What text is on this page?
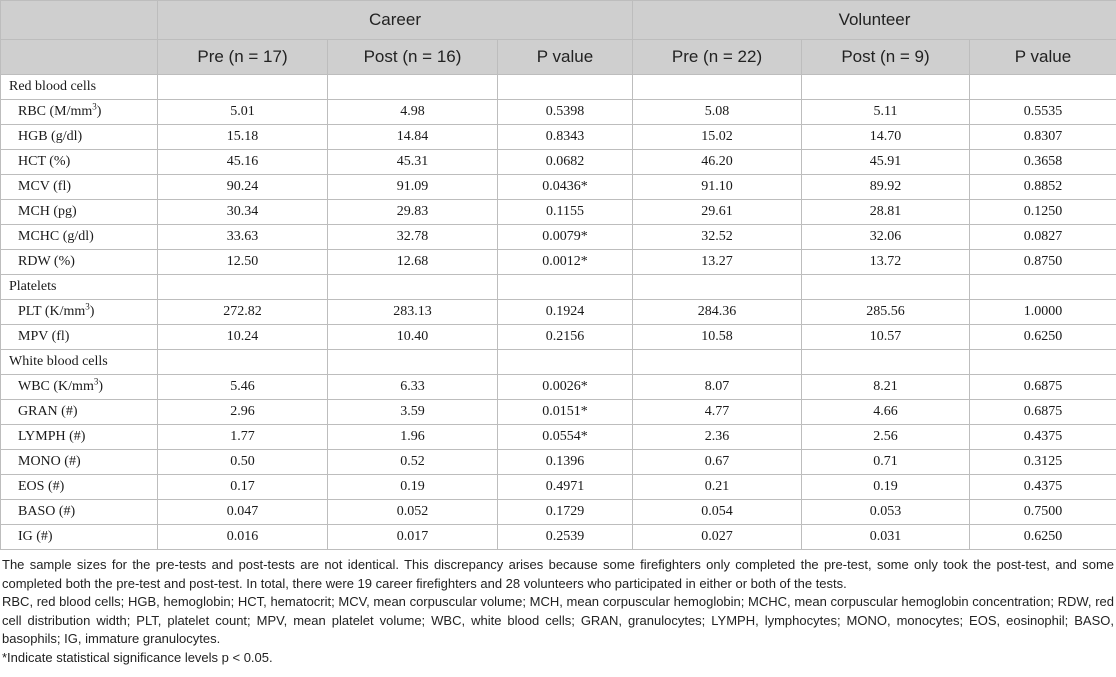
	Career			Volunteer		
	Pre (n = 17)	Post (n = 16)	P value	Pre (n = 22)	Post (n = 9)	P value
Red blood cells						
RBC $(M/mm^3)$	5.01	4.98	0.5398	5.08	5.11	0.5535
HGB (g/dl)	15.18	14.84	0.8343	15.02	14.70	0.8307
HCT (%)	45.16	45.31	0.0682	46.20	45.91	0.3658
MCV (fl)	90.24	91.09	0.0436*	91.10	89.92	0.8852
MCH (pg)	30.34	29.83	0.1155	29.61	28.81	0.1250
MCHC (g/dl)	33.63	32.78	0.0079*	32.52	32.06	0.0827
RDW (%)	12.50	12.68	0.0012*	13.27	13.72	0.8750
Platelets						
PLT $(K/mm^3)$	272.82	283.13	0.1924	284.36	285.56	1.0000
MPV (fl)	10.24	10.40	0.2156	10.58	10.57	0.6250
White blood cells						
WBC $(K/mm^3)$	5.46	6.33	0.0026*	8.07	8.21	0.6875
GRAN (#)	2.96	3.59	0.0151*	4.77	4.66	0.6875
LYMPH (#)	1.77	1.96	0.0554*	2.36	2.56	0.4375
MONO (#)	0.50	0.52	0.1396	0.67	0.71	0.3125
EOS (#)	0.17	0.19	0.4971	0.21	0.19	0.4375
BASO (#)	0.047	0.052	0.1729	0.054	0.053	0.7500
IG (#)	0.016	0.017	0.2539	0.027	0.031	0.6250

The sample sizes for the pre-tests and post-tests are not identical. This discrepancy arises because some firefighters only completed the pre-test, some only took the post-test, and some completed both the pre-test and post-test. In total, there were 19 career firefighters and 28 volunteers who participated in either or both of the tests.

RBC, red blood cells; HGB, hemoglobin; HCT, hematocrit; MCV, mean corpuscular volume; MCH, mean corpuscular hemoglobin; MCHC, mean corpuscular hemoglobin concentration; RDW, red cell distribution width; PLT, platelet count; MPV, mean platelet volume; WBC, white blood cells; GRAN, granulocytes; LYMPH, lymphocytes; MONO, monocytes; EOS, eosinophil; BASO, basophils; IG, immature granulocytes.

*Indicate statistical significance levels p < 0.05.
